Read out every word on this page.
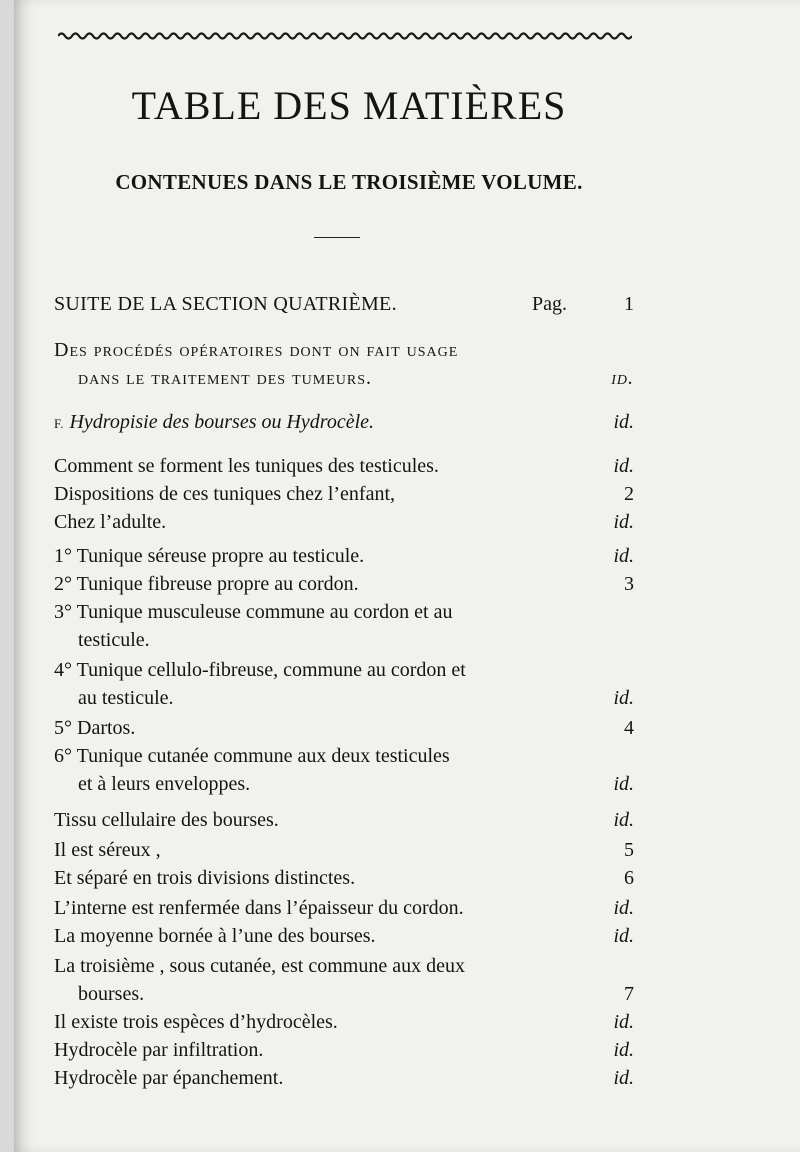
TABLE DES MATIÈRES
CONTENUES DANS LE TROISIÈME VOLUME.
SUITE DE LA SECTION QUATRIÈME.	Pag.	1
Des procédés opératoires dont on fait usage
dans le traitement des tumeurs.	id.
F. Hydropisie des bourses ou Hydrocèle.	id.
Comment se forment les tuniques des testicules.	id.
Dispositions de ces tuniques chez l’enfant,	2
Chez l’adulte.	id.
1° Tunique séreuse propre au testicule.	id.
2° Tunique fibreuse propre au cordon.	3
3° Tunique musculeuse commune au cordon et au
testicule.
4° Tunique cellulo-fibreuse, commune au cordon et
au testicule.	id.
5° Dartos.	4
6° Tunique cutanée commune aux deux testicules
et à leurs enveloppes.	id.
Tissu cellulaire des bourses.	id.
Il est séreux ,	5
Et séparé en trois divisions distinctes.	6
L’interne est renfermée dans l’épaisseur du cordon.	id.
La moyenne bornée à l’une des bourses.	id.
La troisième , sous cutanée, est commune aux deux
bourses.	7
Il existe trois espèces d’hydrocèles.	id.
Hydrocèle par infiltration.	id.
Hydrocèle par épanchement.	id.
